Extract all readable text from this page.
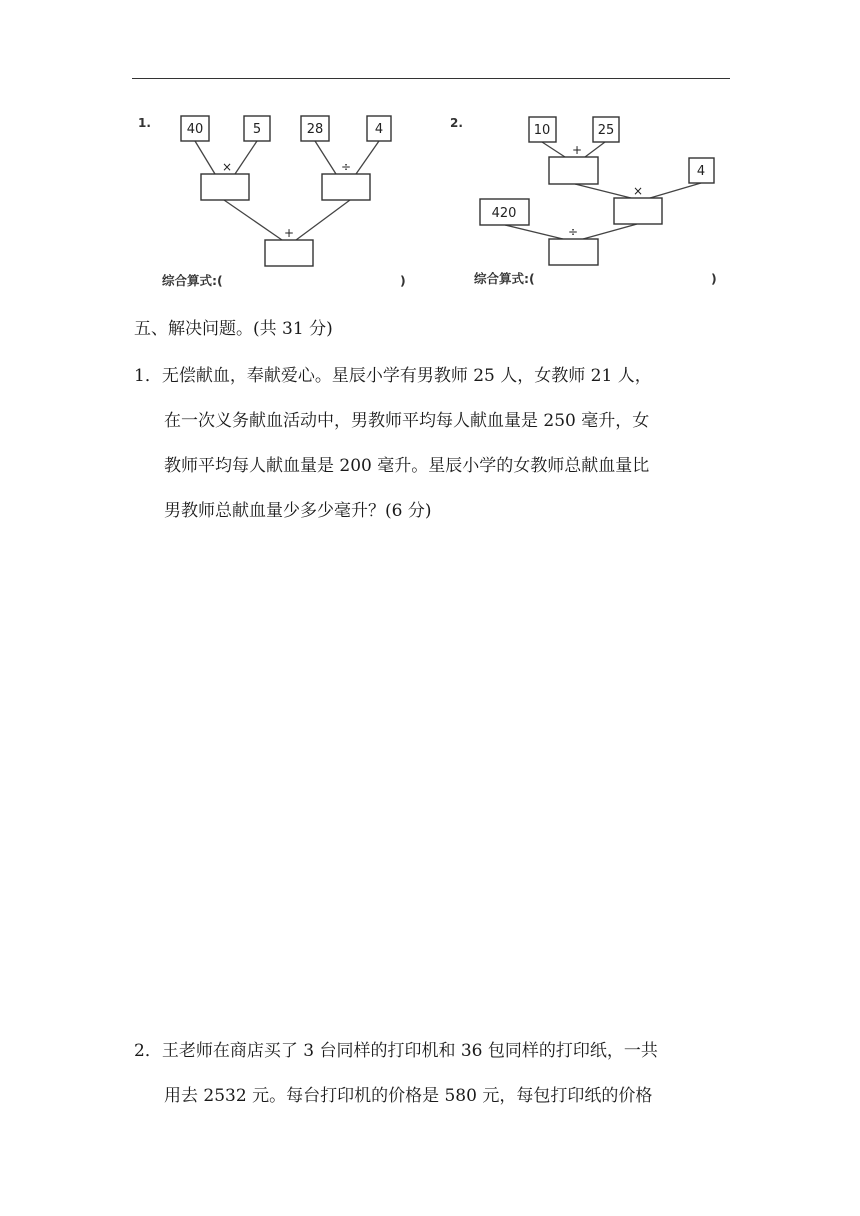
1.	40	5	28	4
×	÷
+
综合算式:(	)
2.	10	25
4
420
+
×
÷
综合算式:(	)
五、解决问题。(共 31 分)
1．无偿献血，奉献爱心。星辰小学有男教师 25 人，女教师 21 人，
在一次义务献血活动中，男教师平均每人献血量是 250 毫升，女
教师平均每人献血量是 200 毫升。星辰小学的女教师总献血量比
男教师总献血量少多少毫升？(6 分)
2．王老师在商店买了 3 台同样的打印机和 36 包同样的打印纸，一共
用去 2532 元。每台打印机的价格是 580 元，每包打印纸的价格
